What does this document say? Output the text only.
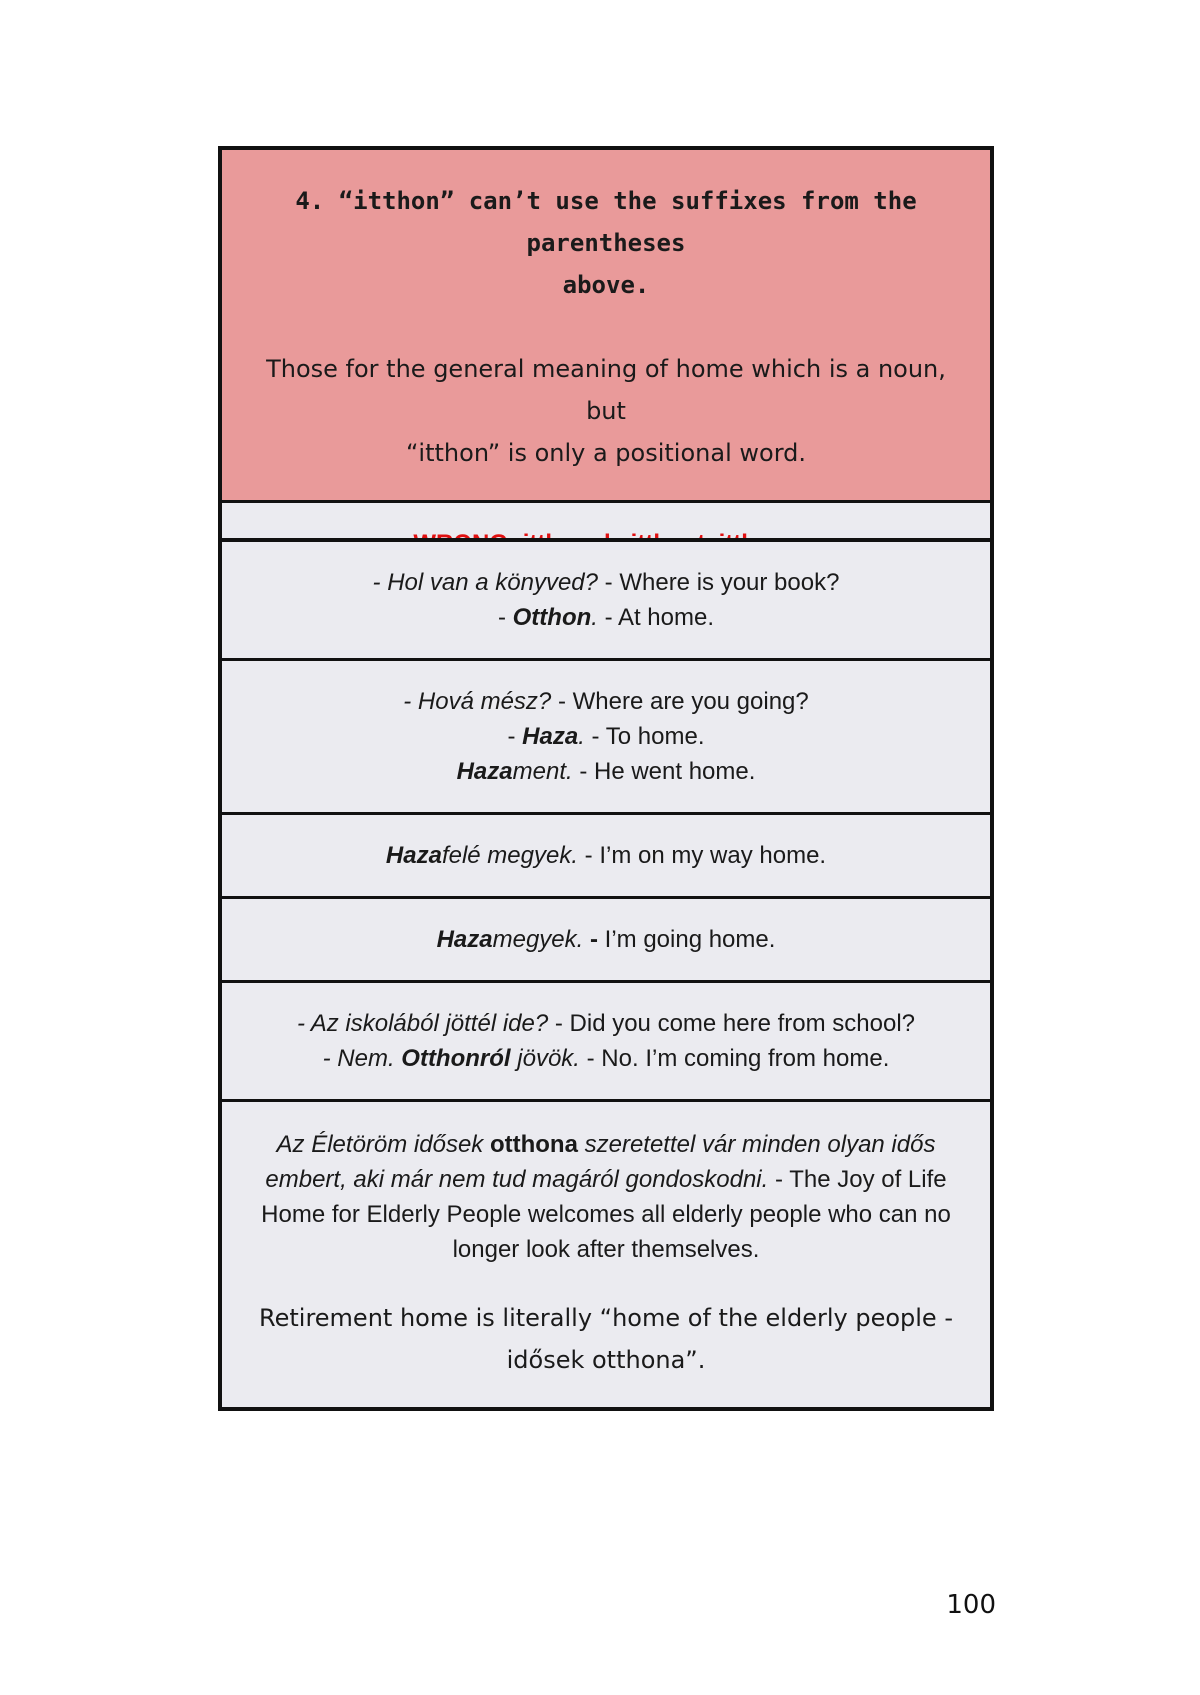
4. “itthon” can’t use the suffixes from the parentheses
above.

Those for the general meaning of home which is a noun, but
“itthon” is only a positional word.

- Hol van a könyved? - Where is your book?

- Otthon. - At home.

- Hová mész? - Where are you going?

- Haza. - To home.

Hazament. - He went home.

Hazafelé megyek. - I’m on my way home.

Hazamegyek. - I’m going home.

- Az iskolából jöttél ide? - Did you come here from school?

- Nem. Otthonról jövök. - No. I’m coming from home.

Az Életöröm idősek otthona szeretettel vár minden olyan idős embert, aki már nem tud magáról gondoskodni. - The Joy of Life Home for Elderly People welcomes all elderly people who can no longer look after themselves.

Retirement home is literally “home of the elderly people -
idősek otthona”.

100
